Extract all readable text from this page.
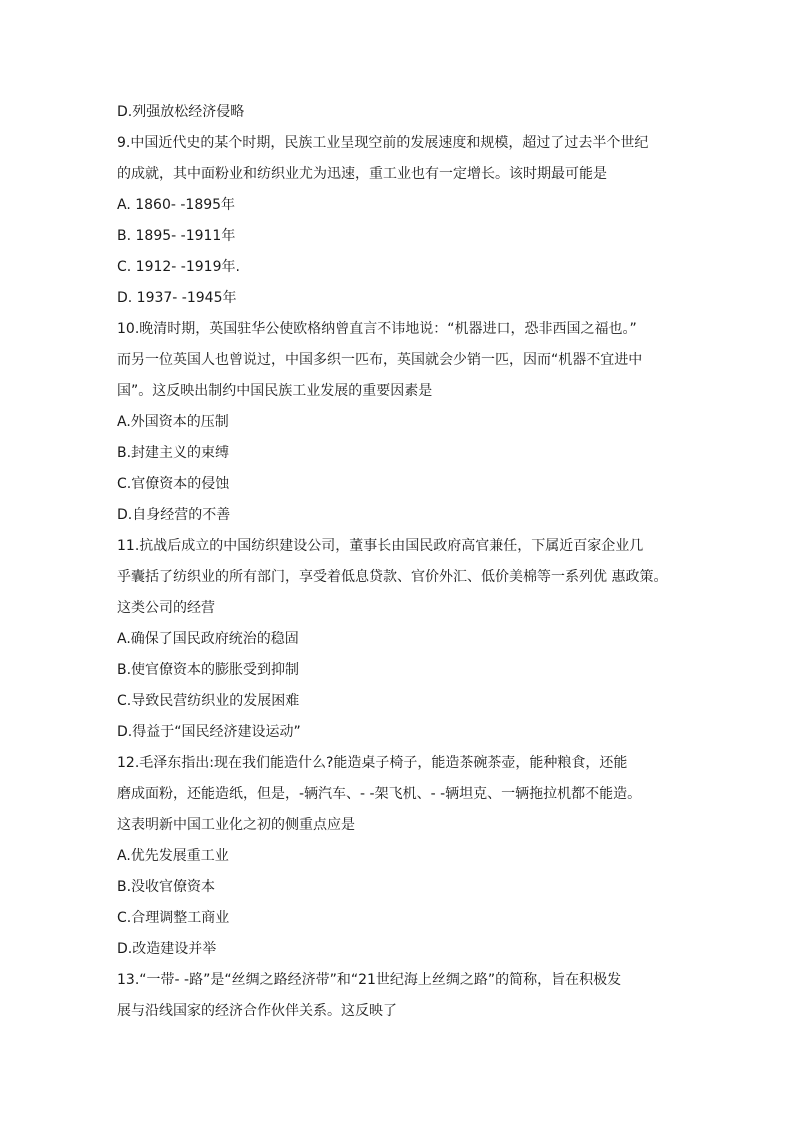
D.列强放松经济侵略
9.中国近代史的某个时期，民族工业呈现空前的发展速度和规模，超过了过去半个世纪
的成就，其中面粉业和纺织业尤为迅速，重工业也有一定增长。该时期最可能是
A. 1860- -1895年
B. 1895- -1911年
C. 1912- -1919年.
D. 1937- -1945年
10.晚清时期，英国驻华公使欧格纳曾直言不讳地说：“机器进口，恐非西国之福也。”
而另一位英国人也曾说过，中国多织一匹布，英国就会少销一匹，因而“机器不宜进中
国”。这反映出制约中国民族工业发展的重要因素是
A.外国资本的压制
B.封建主义的束缚
C.官僚资本的侵蚀
D.自身经营的不善
11.抗战后成立的中国纺织建设公司，董事长由国民政府高官兼任，下属近百家企业几
乎囊括了纺织业的所有部门，享受着低息贷款、官价外汇、低价美棉等一系列优 惠政策。
这类公司的经营
A.确保了国民政府统治的稳固
B.使官僚资本的膨胀受到抑制
C.导致民营纺织业的发展困难
D.得益于“国民经济建设运动”
12.毛泽东指出:现在我们能造什么?能造桌子椅子，能造茶碗茶壶，能种粮食，还能
磨成面粉，还能造纸，但是，-辆汽车、- -架飞机、- -辆坦克、一辆拖拉机都不能造。
这表明新中国工业化之初的侧重点应是
A.优先发展重工业
B.没收官僚资本
C.合理调整工商业
D.改造建设并举
13.“一带- -路”是“丝绸之路经济带”和“21世纪海上丝绸之路”的简称，旨在积极发
展与沿线国家的经济合作伙伴关系。这反映了
